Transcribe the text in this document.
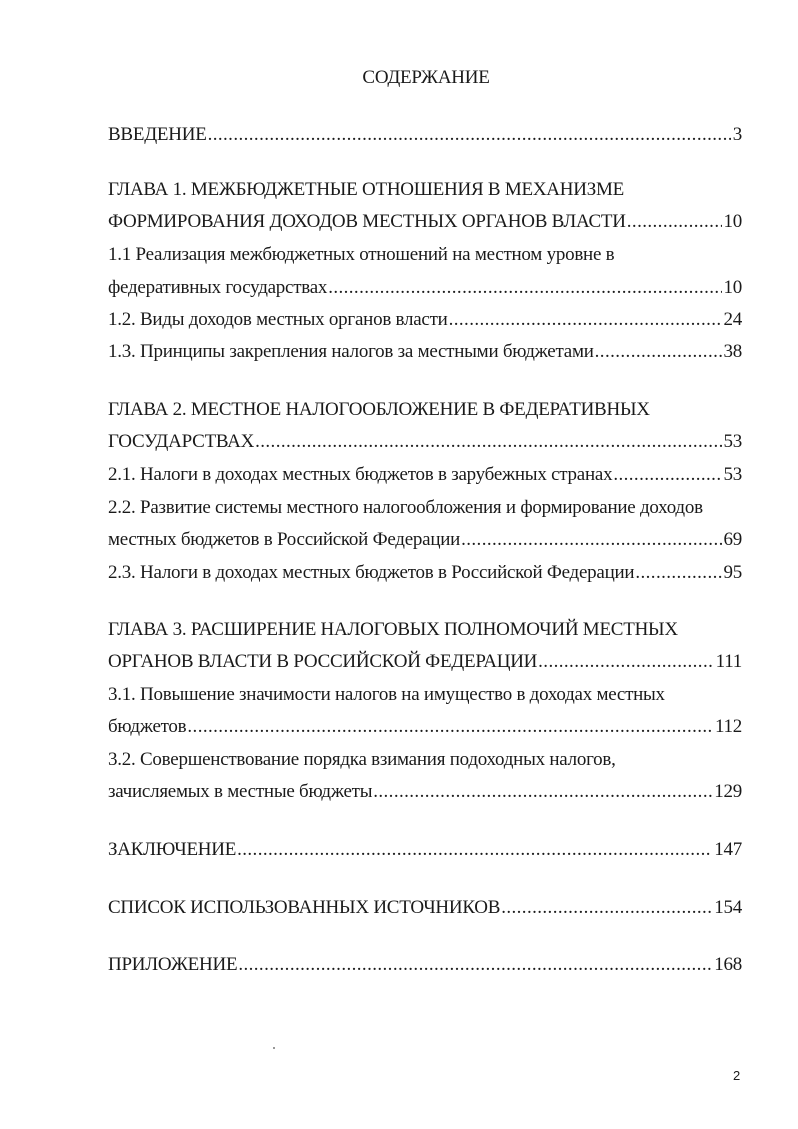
СОДЕРЖАНИЕ
ВВЕДЕНИЕ .....	3
ГЛАВА 1. МЕЖБЮДЖЕТНЫЕ ОТНОШЕНИЯ В МЕХАНИЗМЕ
ФОРМИРОВАНИЯ ДОХОДОВ МЕСТНЫХ ОРГАНОВ ВЛАСТИ .....	10
1.1 Реализация межбюджетных отношений на местном уровне в
федеративных государствах .....	10
1.2. Виды доходов местных органов власти .....	24
1.3. Принципы закрепления налогов за местными бюджетами .....	38
ГЛАВА 2. МЕСТНОЕ НАЛОГООБЛОЖЕНИЕ В ФЕДЕРАТИВНЫХ
ГОСУДАРСТВАХ .....	53
2.1. Налоги в доходах местных бюджетов в зарубежных странах .....	53
2.2. Развитие системы местного налогообложения и формирование доходов
местных бюджетов в Российской Федерации .....	69
2.3. Налоги в доходах местных бюджетов в Российской Федерации .....	95
ГЛАВА 3. РАСШИРЕНИЕ НАЛОГОВЫХ ПОЛНОМОЧИЙ МЕСТНЫХ
ОРГАНОВ ВЛАСТИ В РОССИЙСКОЙ ФЕДЕРАЦИИ .....	111
3.1. Повышение значимости налогов на имущество в доходах местных
бюджетов .....	112
3.2. Совершенствование порядка взимания подоходных налогов,
зачисляемых в местные бюджеты .....	129
ЗАКЛЮЧЕНИЕ .....	147
СПИСОК ИСПОЛЬЗОВАННЫХ ИСТОЧНИКОВ .....	154
ПРИЛОЖЕНИЕ .....	168
2
